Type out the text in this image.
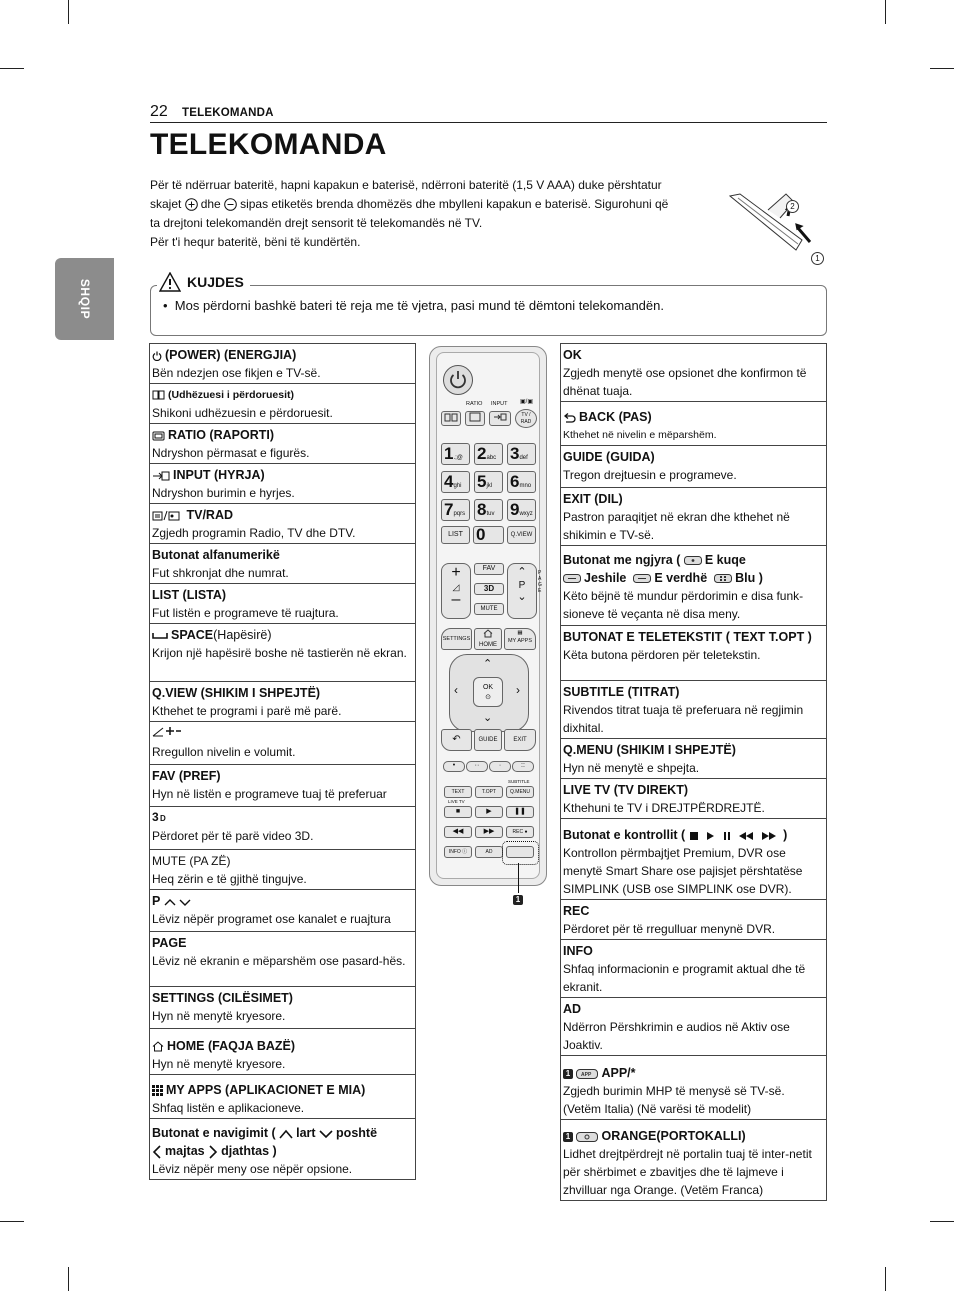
22 TELEKOMANDA
TELEKOMANDA
SHQIP

Për të ndërruar bateritë, hapni kapakun e baterisë, ndërroni bateritë (1,5 V AAA) duke përshtatur

skajet dhe sipas etiketës brenda dhomëzës dhe mbylleni kapakun e baterisë. Sigurohuni që

ta drejtoni telekomandën drejt sensorit të telekomandës në TV.

Për t'i hequr bateritë, bëni të kundërtën.

2
1
KUJDES
•  Mos përdorni bashkë bateri të reja me të vjetra, pasi mund të dëmtoni telekomandën.
(POWER) (ENERGJIA)
Bën ndezjen ose fikjen e TV-së.

(Udhëzuesi i përdoruesit)
Shikoni udhëzuesin e përdoruesit.

RATIO (RAPORTI)
Ndryshon përmasat e figurës.

INPUT (HYRJA)
Ndryshon burimin e hyrjes.

TV/RAD
Zgjedh programin Radio, TV dhe DTV.

Butonat alfanumerikë
Fut shkronjat dhe numrat.

LIST (LISTA)
Fut listën e programeve të ruajtura.

SPACE(Hapësirë)
Krijon një hapësirë boshe në tastierën në ekran.

Q.VIEW (SHIKIM I SHPEJTË)
Kthehet te programi i parë më parë.

Rregullon nivelin e volumit.

FAV (PREF)
Hyn në listën e programeve tuaj të preferuar

3 D
Përdoret për të parë video 3D.

MUTE (PA ZË)
Heq zërin e të gjithë tingujve.

P
Lëviz nëpër programet ose kanalet e ruajtura

PAGE
Lëviz në ekranin e mëparshëm ose pasard-hës.

SETTINGS (CILËSIMET)
Hyn në menytë kryesore.

HOME (FAQJA BAZË)
Hyn në menytë kryesore.

MY APPS (APLIKACIONET E MIA)
Shfaq listën e aplikacioneve.

Butonat e navigimit ( lart poshtë
majtas djathtas )
Lëviz nëpër meny ose nëpër opsione.
OK
Zgjedh menytë ose opsionet dhe konfirmon të dhënat tuaja.

BACK (PAS)
Kthehet në nivelin e mëparshëm.

GUIDE (GUIDA)
Tregon drejtuesin e programeve.

EXIT (DIL)
Pastron paraqitjet në ekran dhe kthehet në shikimin e TV-së.

Butonat me ngjyra ( E kuqe
Jeshile E verdhë Blu )
Këto bëjnë të mundur përdorimin e disa funk-sioneve të veçanta në disa meny.

BUTONAT E TELETEKSTIT ( TEXT T.OPT )
Këta butona përdoren për teletekstin.

SUBTITLE (TITRAT)
Rivendos titrat tuaja të preferuara në regjimin dixhital.

Q.MENU (SHIKIM I SHPEJTË)
Hyn në menytë e shpejta.

LIVE TV (TV DIREKT)
Kthehuni te TV i DREJTPËRDREJTË.

Butonat e kontrollit (	)
Kontrollon përmbajtjet Premium, DVR ose menytë Smart Share ose pajisjet përshtatëse SIMPLINK (USB ose SIMPLINK ose DVR).

REC
Përdoret për të rregulluar menynë DVR.

INFO
Shfaq informacionin e programit aktual dhe të ekranit.

AD
Ndërron Përshkrimin e audios në Aktiv ose Joaktiv.

1 APP APP/*
Zgjedh burimin MHP të menysë së TV-së. (Vetëm Italia) (Në varësi të modelit)

1	ORANGE(PORTOKALLI)
Lidhet drejtpërdrejt në portalin tuaj të inter-netit për shërbimet e zbavitjes dhe të lajmeve i zhvilluar nga Orange. (Vetëm Franca)
RATIO INPUT ▣/▣
TV / RAD
1.;@ 2abc 3def
4ghi 5jkl	6mno
7pqrs 8tuv 9wxyz
LIST 0	Q.VIEW
+
◿
–
FAV
3D
MUTE
⌃
P
⌄
PAGE
SETTINGS
HOME
▦
MY APPS
⌃
⌄
‹	›
OK
⊙
↶	GUIDE	EXIT
•	··	·	::
SUBTITLE
TEXT	T.OPT	Q.MENU
LIVE TV
■	▶	❚❚
◀◀	▶▶	REC ●
INFO ⓘ	AD
1
